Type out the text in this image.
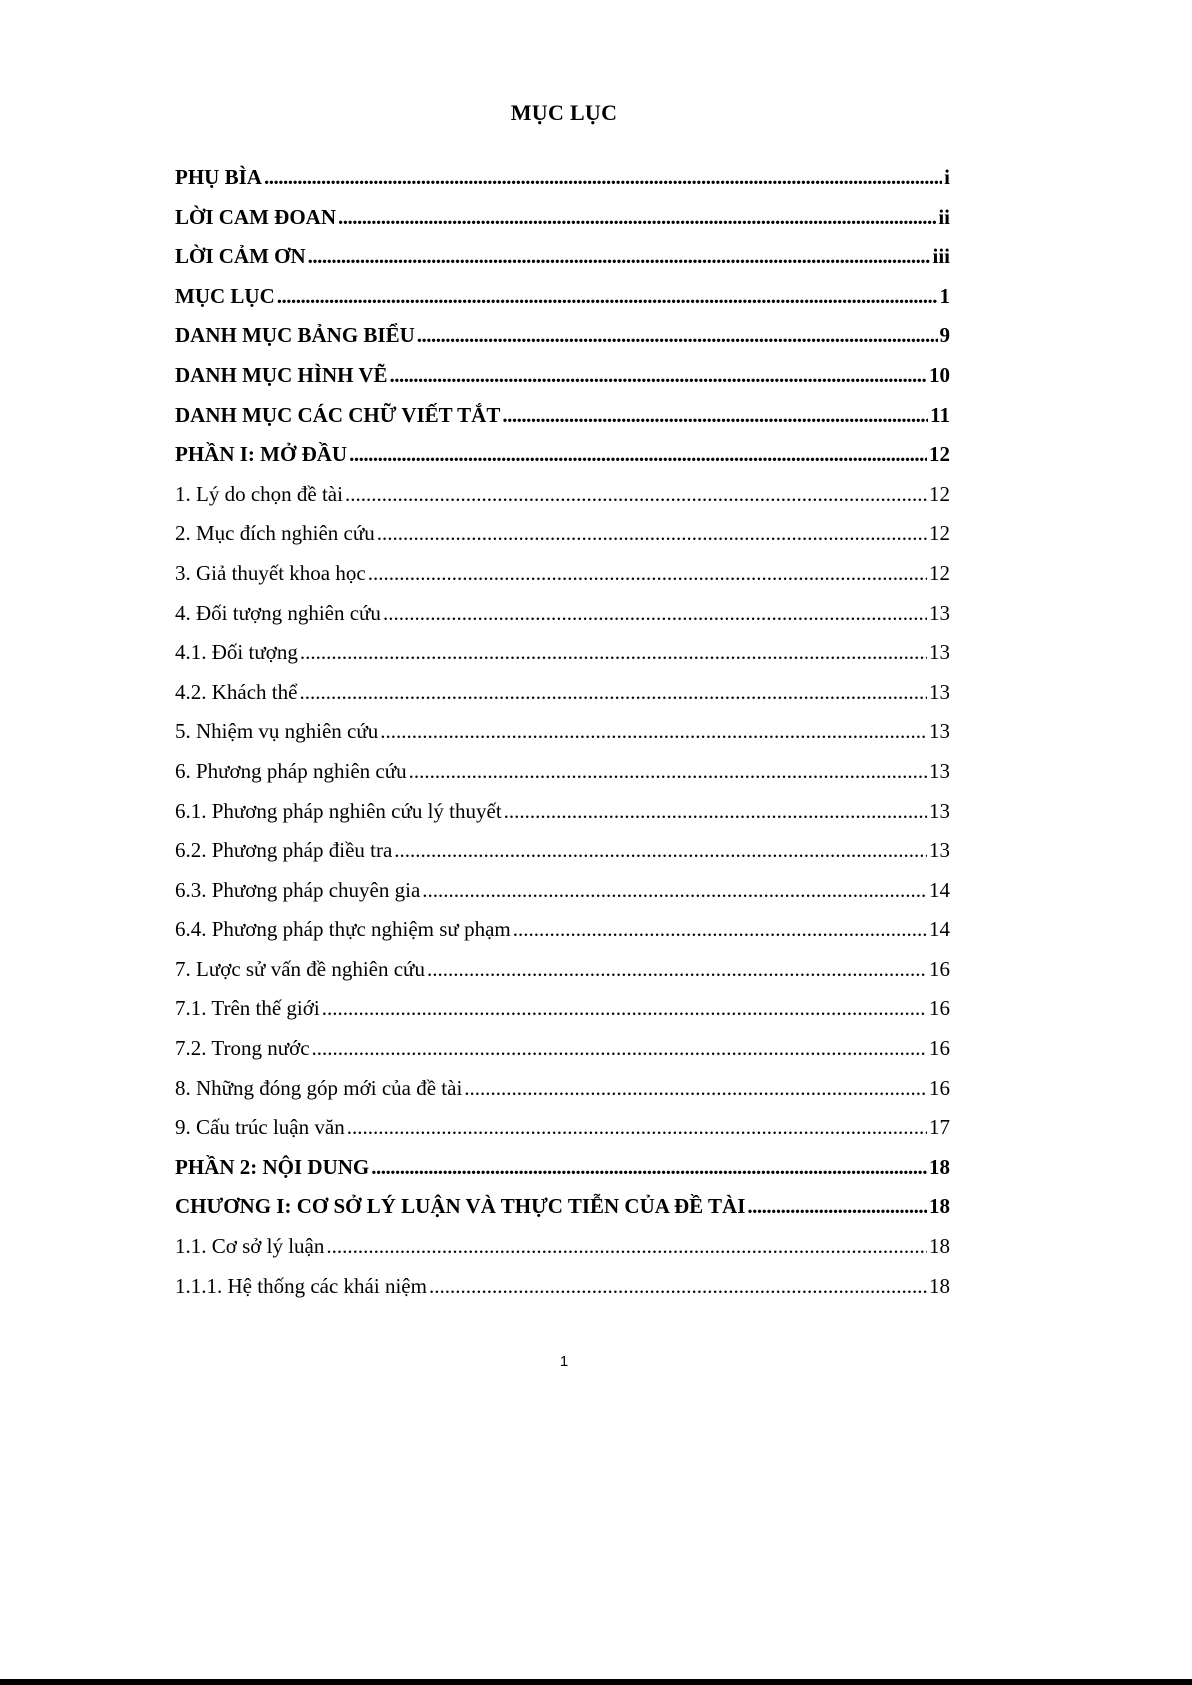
MỤC LỤC
PHỤ BÌA .....	i
LỜI CAM ĐOAN .....	ii
LỜI CẢM ƠN .....	iii
MỤC LỤC .....	1
DANH MỤC BẢNG BIỂU .....	9
DANH MỤC HÌNH VẼ .....	10
DANH MỤC CÁC CHỮ VIẾT TẮT .....	11
PHẦN I: MỞ ĐẦU .....	12
1. Lý do chọn đề tài .....	12
2. Mục đích nghiên cứu .....	12
3. Giả thuyết khoa học .....	12
4. Đối tượng nghiên cứu .....	13
4.1. Đối tượng .....	13
4.2. Khách thể .....	13
5. Nhiệm vụ nghiên cứu .....	13
6. Phương pháp nghiên cứu .....	13
6.1. Phương pháp nghiên cứu lý thuyết .....	13
6.2. Phương pháp điều tra .....	13
6.3. Phương pháp chuyên gia .....	14
6.4. Phương pháp thực nghiệm sư phạm .....	14
7. Lược sử vấn đề nghiên cứu .....	16
7.1. Trên thế giới .....	16
7.2. Trong nước .....	16
8. Những đóng góp mới của đề tài .....	16
9. Cấu trúc luận văn .....	17
PHẦN 2: NỘI DUNG .....	18
CHƯƠNG I: CƠ SỞ LÝ LUẬN VÀ THỰC TIỄN CỦA ĐỀ TÀI .....	18
1.1. Cơ sở lý luận .....	18
1.1.1. Hệ thống các khái niệm .....	18
1
